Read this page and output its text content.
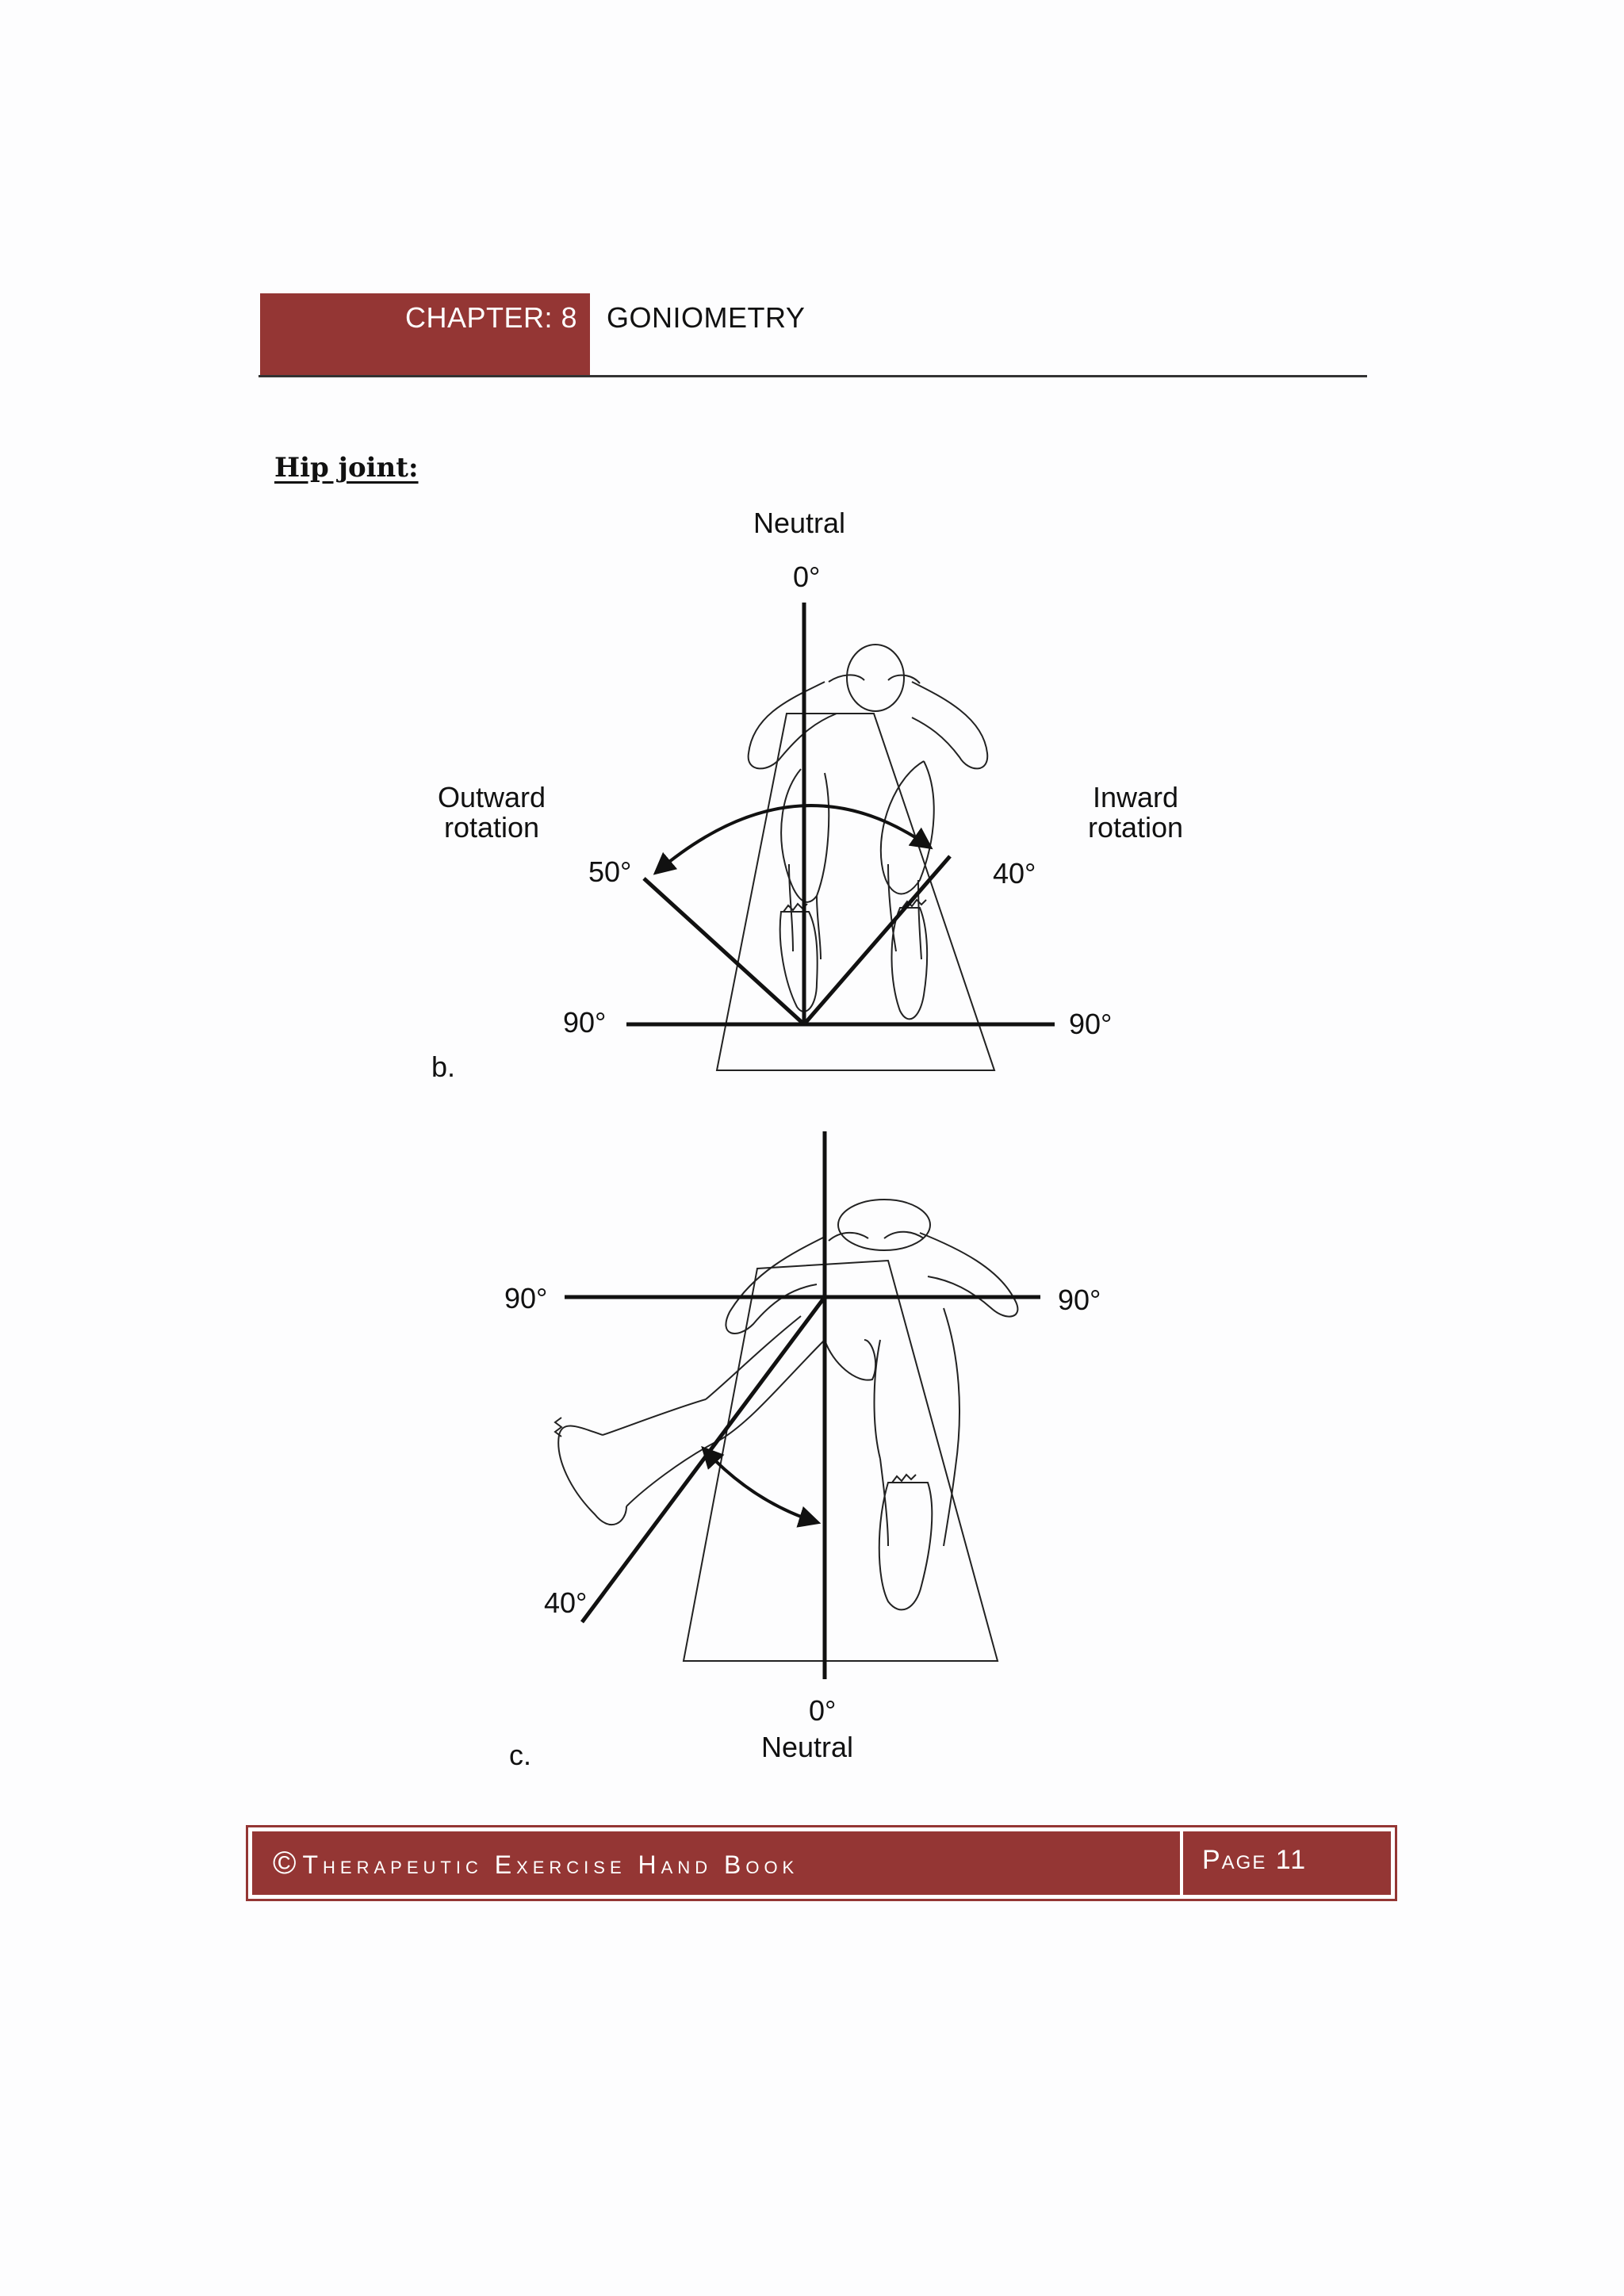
CHAPTER: 8 GONIOMETRY
Hip joint:
Neutral
0°
Outward
rotation
Inward
rotation
50°	40°
90°	90°
b.
90°	90°
40°
0°
Neutral
c.
© Therapeutic Exercise Hand Book	Page 11
